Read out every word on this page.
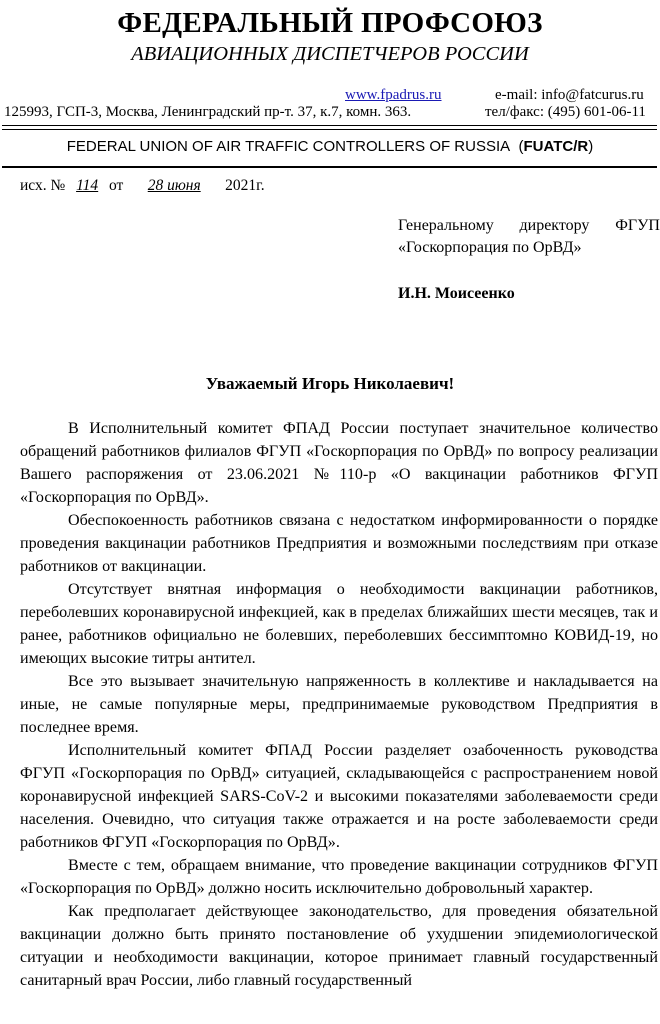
ФЕДЕРАЛЬНЫЙ ПРОФСОЮЗ
АВИАЦИОННЫХ ДИСПЕТЧЕРОВ РОССИИ
www.fpadrus.ru	e-mail: info@fatcurus.ru
125993, ГСП-3, Москва, Ленинградский пр-т. 37, к.7, комн. 363.	тел/факс: (495) 601-06-11
FEDERAL UNION OF AIR TRAFFIC CONTROLLERS OF RUSSIA (FUATC/R)
исх. № 114 от 28 июня 2021г.
Генеральному директору ФГУП
«Госкорпорация по ОрВД»
И.Н. Моисеенко
Уважаемый Игорь Николаевич!

В Исполнительный комитет ФПАД России поступает значительное количество обращений работников филиалов ФГУП «Госкорпорация по ОрВД» по вопросу реализации Вашего распоряжения от 23.06.2021 №110-р «О вакцинации работников ФГУП «Госкорпорация по ОрВД».

Обеспокоенность работников связана с недостатком информированности о порядке проведения вакцинации работников Предприятия и возможными последствиям при отказе работников от вакцинации.

Отсутствует внятная информация о необходимости вакцинации работников, переболевших коронавирусной инфекцией, как в пределах ближайших шести месяцев, так и ранее, работников официально не болевших, переболевших бессимптомно КОВИД-19, но имеющих высокие титры антител.

Все это вызывает значительную напряженность в коллективе и накладывается на иные, не самые популярные меры, предпринимаемые руководством Предприятия в последнее время.

Исполнительный комитет ФПАД России разделяет озабоченность руководства ФГУП «Госкорпорация по ОрВД» ситуацией, складывающейся с распространением новой коронавирусной инфекцией SARS-CoV-2 и высокими показателями заболеваемости среди населения. Очевидно, что ситуация также отражается и на росте заболеваемости среди работников ФГУП «Госкорпорация по ОрВД».

Вместе с тем, обращаем внимание, что проведение вакцинации сотрудников ФГУП «Госкорпорация по ОрВД» должно носить исключительно добровольный характер.

Как предполагает действующее законодательство, для проведения обязательной вакцинации должно быть принято постановление об ухудшении эпидемиологической ситуации и необходимости вакцинации, которое принимает главный государственный санитарный врач России, либо главный государственный
